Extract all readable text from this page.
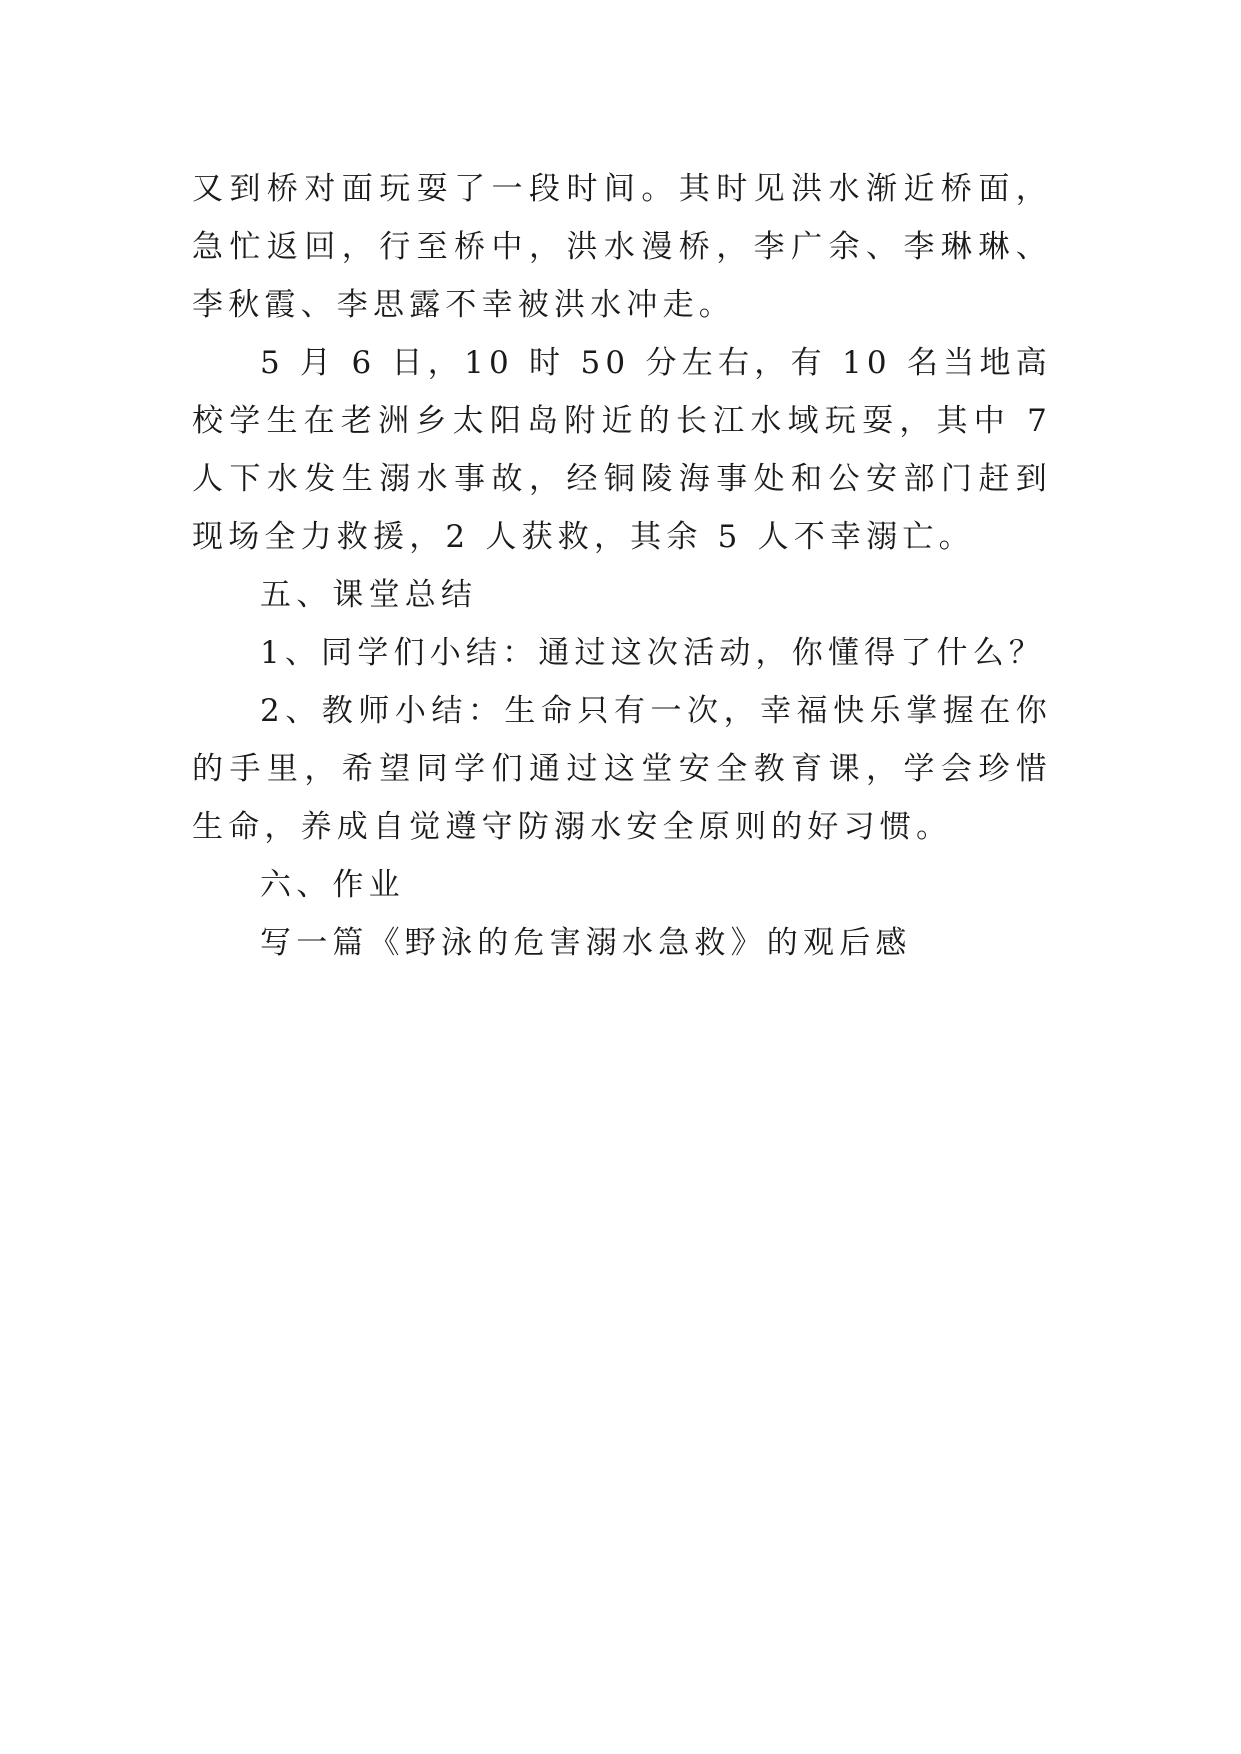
又到桥对面玩耍了一段时间。其时见洪水渐近桥面，急忙返回，行至桥中，洪水漫桥，李广余、李琳琳、李秋霞、李思露不幸被洪水冲走。

5 月 6 日，10 时 50 分左右，有 10 名当地高校学生在老洲乡太阳岛附近的长江水域玩耍，其中 7 人下水发生溺水事故，经铜陵海事处和公安部门赶到现场全力救援，2 人获救，其余 5 人不幸溺亡。

五、课堂总结

1、同学们小结：通过这次活动，你懂得了什么？

2、教师小结：生命只有一次，幸福快乐掌握在你的手里，希望同学们通过这堂安全教育课，学会珍惜生命，养成自觉遵守防溺水安全原则的好习惯。

六、作业

写一篇《野泳的危害溺水急救》的观后感
